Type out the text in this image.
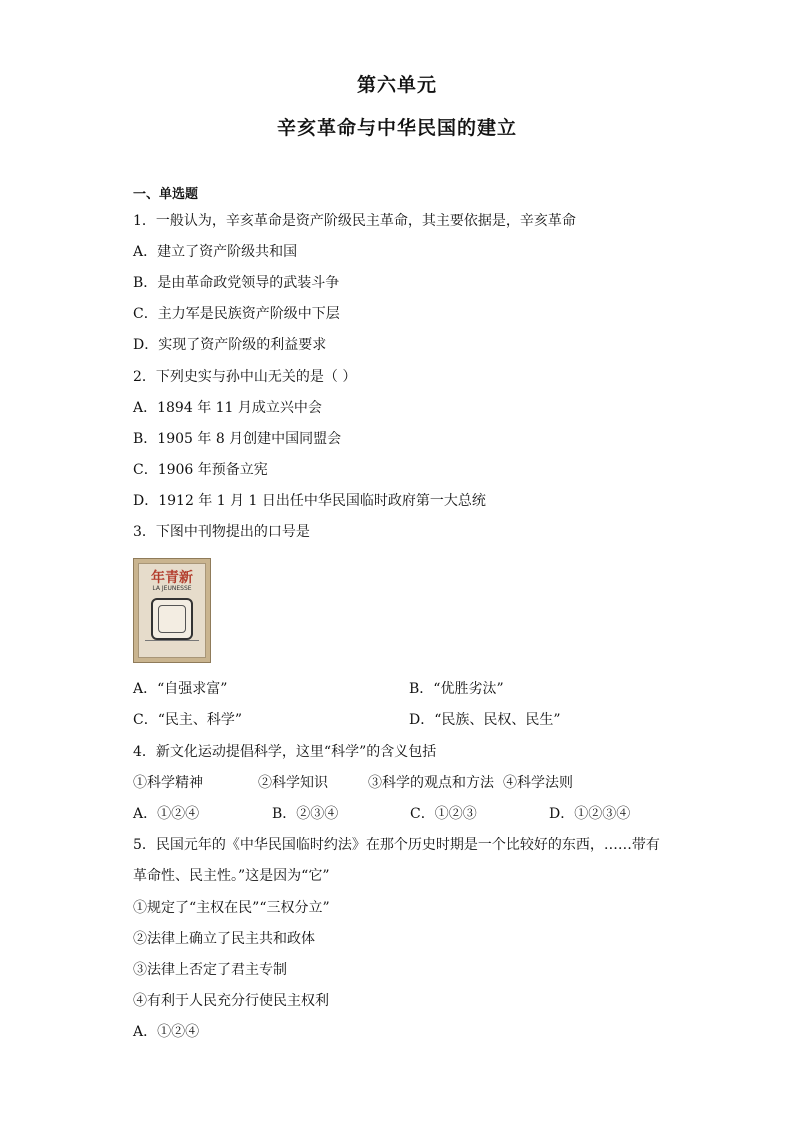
第六单元
辛亥革命与中华民国的建立
一、单选题
1．一般认为，辛亥革命是资产阶级民主革命，其主要依据是，辛亥革命
A．建立了资产阶级共和国
B．是由革命政党领导的武装斗争
C．主力军是民族资产阶级中下层
D．实现了资产阶级的利益要求
2．下列史实与孙中山无关的是（ ）
A．1894 年 11 月成立兴中会
B．1905 年 8 月创建中国同盟会
C．1906 年预备立宪
D．1912 年 1 月 1 日出任中华民国临时政府第一大总统
3．下图中刊物提出的口号是
年青新
LA JEUNESSE
A．“自强求富”	B．“优胜劣汰”
C．“民主、科学”	D．“民族、民权、民生”
4．新文化运动提倡科学，这里“科学”的含义包括
①科学精神	②科学知识	③科学的观点和方法 ④科学法则
A．①②④	B．②③④	C．①②③	D．①②③④
5．民国元年的《中华民国临时约法》在那个历史时期是一个比较好的东西，……带有
革命性、民主性。”这是因为“它”
①规定了“主权在民”“三权分立”
②法律上确立了民主共和政体
③法律上否定了君主专制
④有利于人民充分行使民主权利
A．①②④
